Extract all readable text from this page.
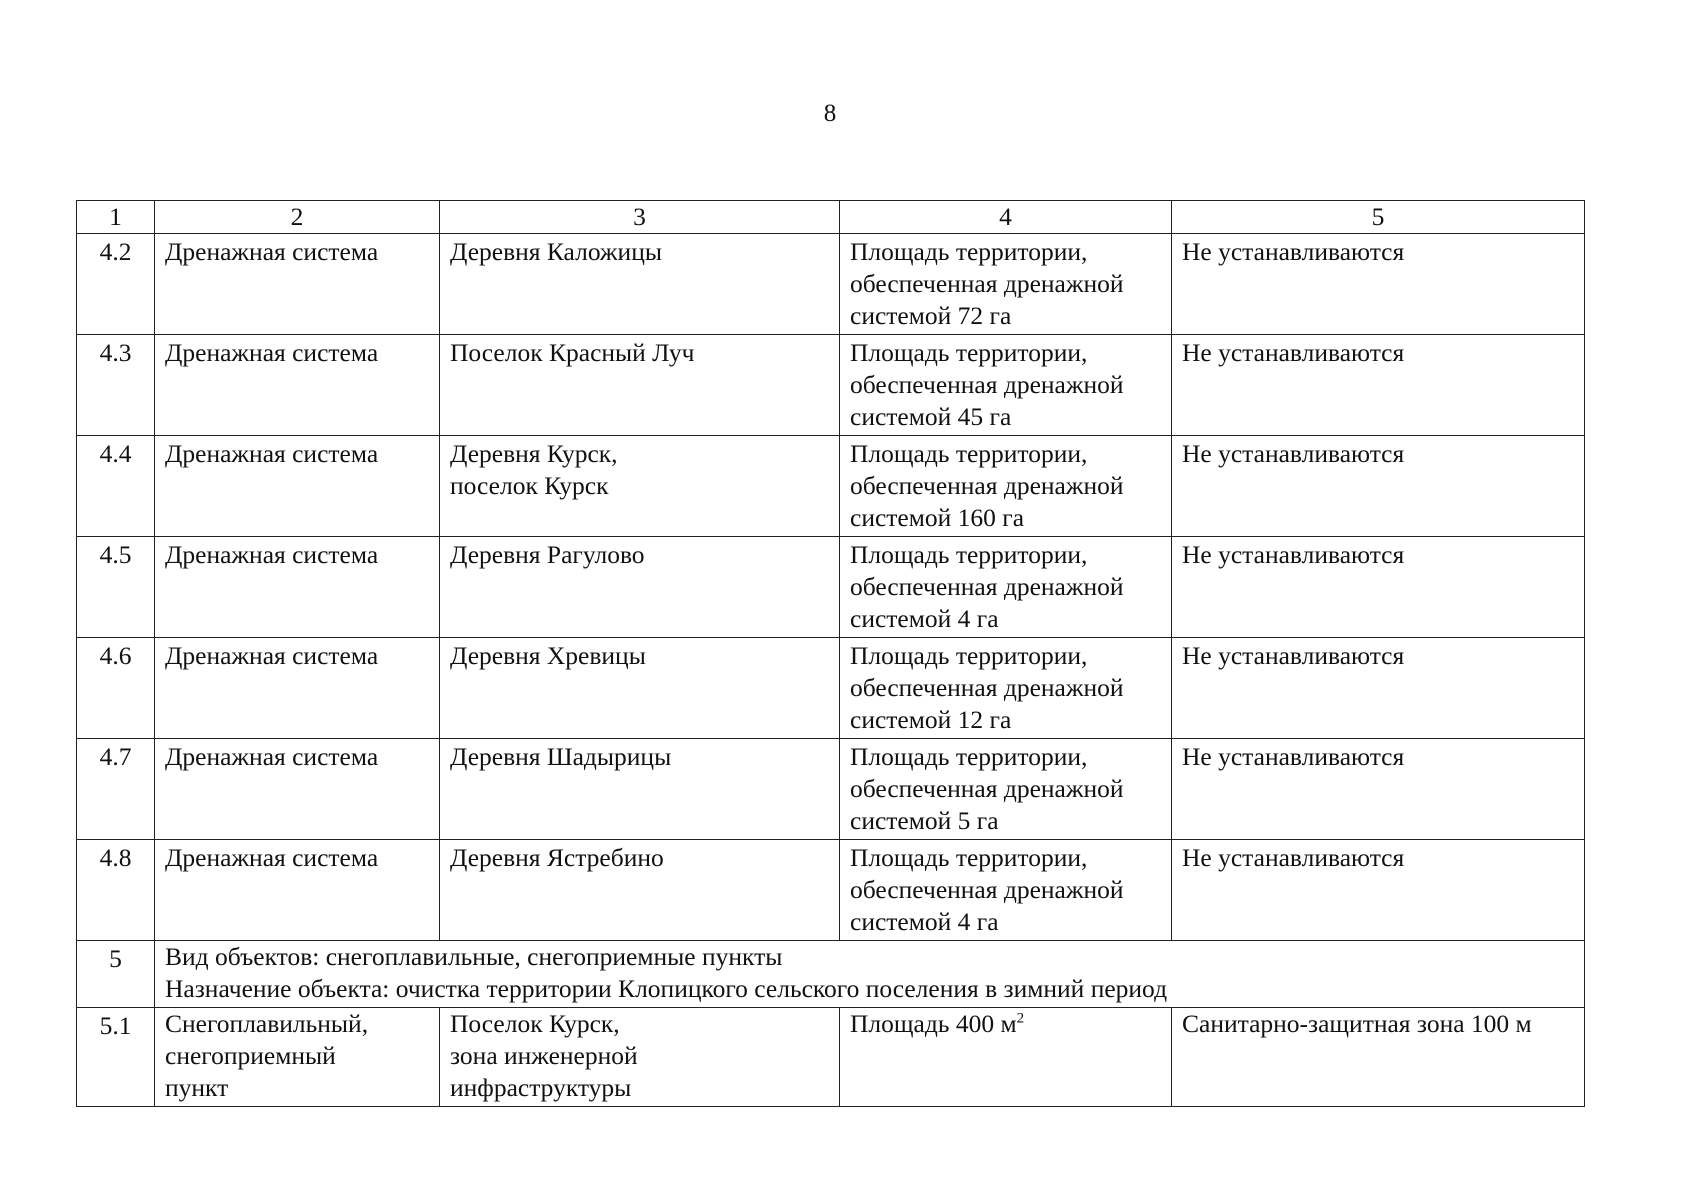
8
1	2	3	4	5
4.2	Дренажная система	Деревня Каложицы	Площадь территории,
обеспеченная дренажной
системой 72 га	Не устанавливаются
4.3	Дренажная система	Поселок Красный Луч	Площадь территории,
обеспеченная дренажной
системой 45 га	Не устанавливаются
4.4	Дренажная система	Деревня Курск,
поселок Курск	Площадь территории,
обеспеченная дренажной
системой 160 га	Не устанавливаются
4.5	Дренажная система	Деревня Рагулово	Площадь территории,
обеспеченная дренажной
системой 4 га	Не устанавливаются
4.6	Дренажная система	Деревня Хревицы	Площадь территории,
обеспеченная дренажной
системой 12 га	Не устанавливаются
4.7	Дренажная система	Деревня Шадырицы	Площадь территории,
обеспеченная дренажной
системой 5 га	Не устанавливаются
4.8	Дренажная система	Деревня Ястребино	Площадь территории,
обеспеченная дренажной
системой 4 га	Не устанавливаются
5	Вид объектов: снегоплавильные, снегоприемные пункты
Назначение объекта: очистка территории Клопицкого сельского поселения в зимний период			

5.1	Снегоплавильный,
снегоприемный
пункт	Поселок Курск,
зона инженерной
инфраструктуры	Площадь 400 $м^2$	Санитарно-защитная зона 100 м
